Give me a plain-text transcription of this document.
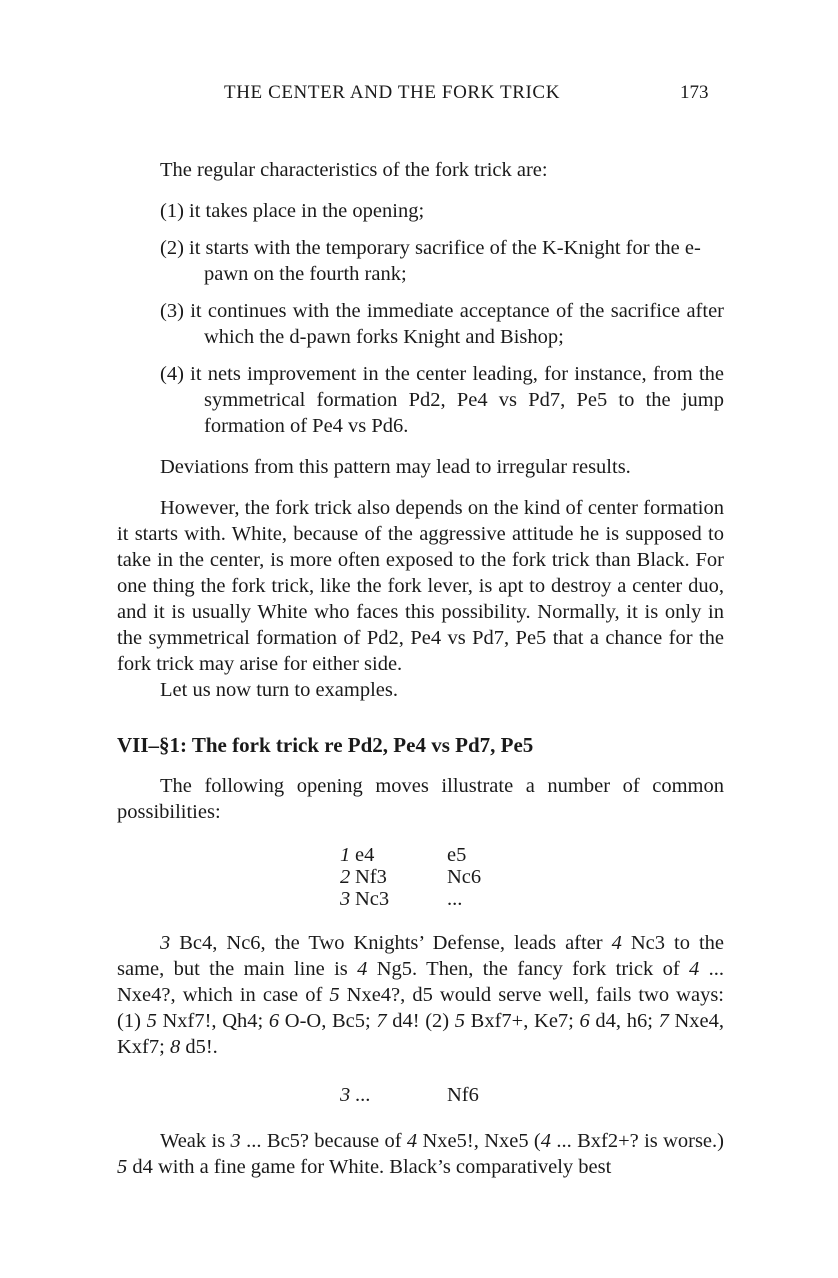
THE CENTER AND THE FORK TRICK	173

The regular characteristics of the fork trick are:

(1) it takes place in the opening;

(2) it starts with the temporary sacrifice of the K-Knight for the e-pawn on the fourth rank;

(3) it continues with the immediate acceptance of the sacrifice after which the d-pawn forks Knight and Bishop;

(4) it nets improvement in the center leading, for instance, from the symmetrical formation Pd2, Pe4 vs Pd7, Pe5 to the jump formation of Pe4 vs Pd6.

Deviations from this pattern may lead to irregular results.

However, the fork trick also depends on the kind of center formation it starts with. White, because of the aggressive attitude he is supposed to take in the center, is more often exposed to the fork trick than Black. For one thing the fork trick, like the fork lever, is apt to destroy a center duo, and it is usually White who faces this possibility. Normally, it is only in the symmetrical formation of Pd2, Pe4 vs Pd7, Pe5 that a chance for the fork trick may arise for either side.

Let us now turn to examples.

VII–§1: The fork trick re Pd2, Pe4 vs Pd7, Pe5

The following opening moves illustrate a number of common possibilities:

1 e4	e5
2 Nf3	Nc6
3 Nc3	...

3 Bc4, Nc6, the Two Knights’ Defense, leads after 4 Nc3 to the same, but the main line is 4 Ng5. Then, the fancy fork trick of 4 ... Nxe4?, which in case of 5 Nxe4?, d5 would serve well, fails two ways: (1) 5 Nxf7!, Qh4; 6 O-O, Bc5; 7 d4! (2) 5 Bxf7+, Ke7; 6 d4, h6; 7 Nxe4, Kxf7; 8 d5!.

3 ...	Nf6

Weak is 3 ... Bc5? because of 4 Nxe5!, Nxe5 (4 ... Bxf2+? is worse.) 5 d4 with a fine game for White. Black’s comparatively best
